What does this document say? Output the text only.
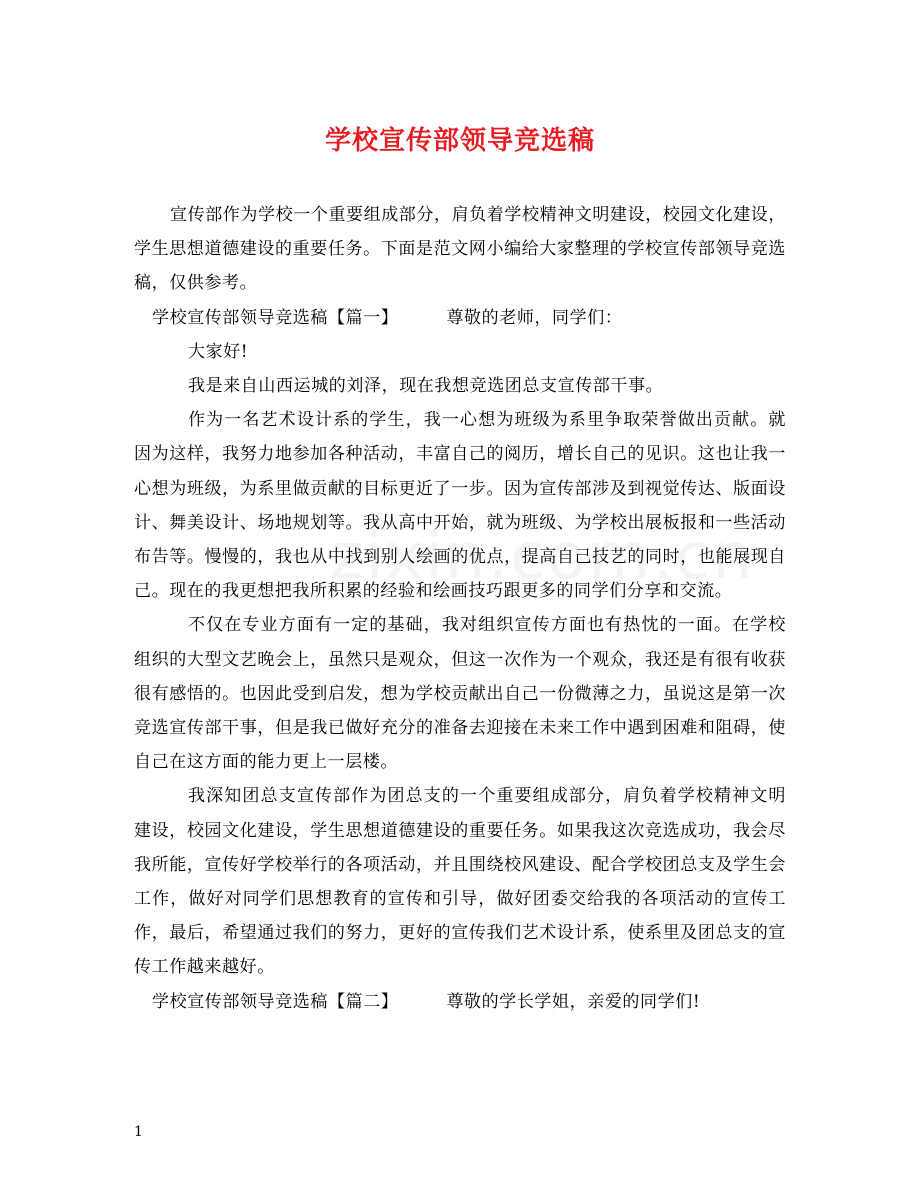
学校宣传部领导竞选稿

宣传部作为学校一个重要组成部分，肩负着学校精神文明建设，校园文化建设，学生思想道德建设的重要任务。下面是范文网小编给大家整理的学校宣传部领导竞选稿，仅供参考。

学校宣传部领导竞选稿【篇一】	尊敬的老师，同学们：

大家好!

我是来自山西运城的刘泽，现在我想竞选团总支宣传部干事。

作为一名艺术设计系的学生，我一心想为班级为系里争取荣誉做出贡献。就因为这样，我努力地参加各种活动，丰富自己的阅历，增长自己的见识。这也让我一心想为班级，为系里做贡献的目标更近了一步。因为宣传部涉及到视觉传达、版面设计、舞美设计、场地规划等。我从高中开始，就为班级、为学校出展板报和一些活动布告等。慢慢的，我也从中找到别人绘画的优点，提高自己技艺的同时，也能展现自己。现在的我更想把我所积累的经验和绘画技巧跟更多的同学们分享和交流。

不仅在专业方面有一定的基础，我对组织宣传方面也有热忱的一面。在学校组织的大型文艺晚会上，虽然只是观众，但这一次作为一个观众，我还是有很有收获很有感悟的。也因此受到启发，想为学校贡献出自己一份微薄之力，虽说这是第一次竞选宣传部干事，但是我已做好充分的准备去迎接在未来工作中遇到困难和阻碍，使自己在这方面的能力更上一层楼。

我深知团总支宣传部作为团总支的一个重要组成部分，肩负着学校精神文明建设，校园文化建设，学生思想道德建设的重要任务。如果我这次竞选成功，我会尽我所能，宣传好学校举行的各项活动，并且围绕校风建设、配合学校团总支及学生会工作，做好对同学们思想教育的宣传和引导，做好团委交给我的各项活动的宣传工作，最后，希望通过我们的努力，更好的宣传我们艺术设计系，使系里及团总支的宣传工作越来越好。

学校宣传部领导竞选稿【篇二】	尊敬的学长学姐，亲爱的同学们!

1
